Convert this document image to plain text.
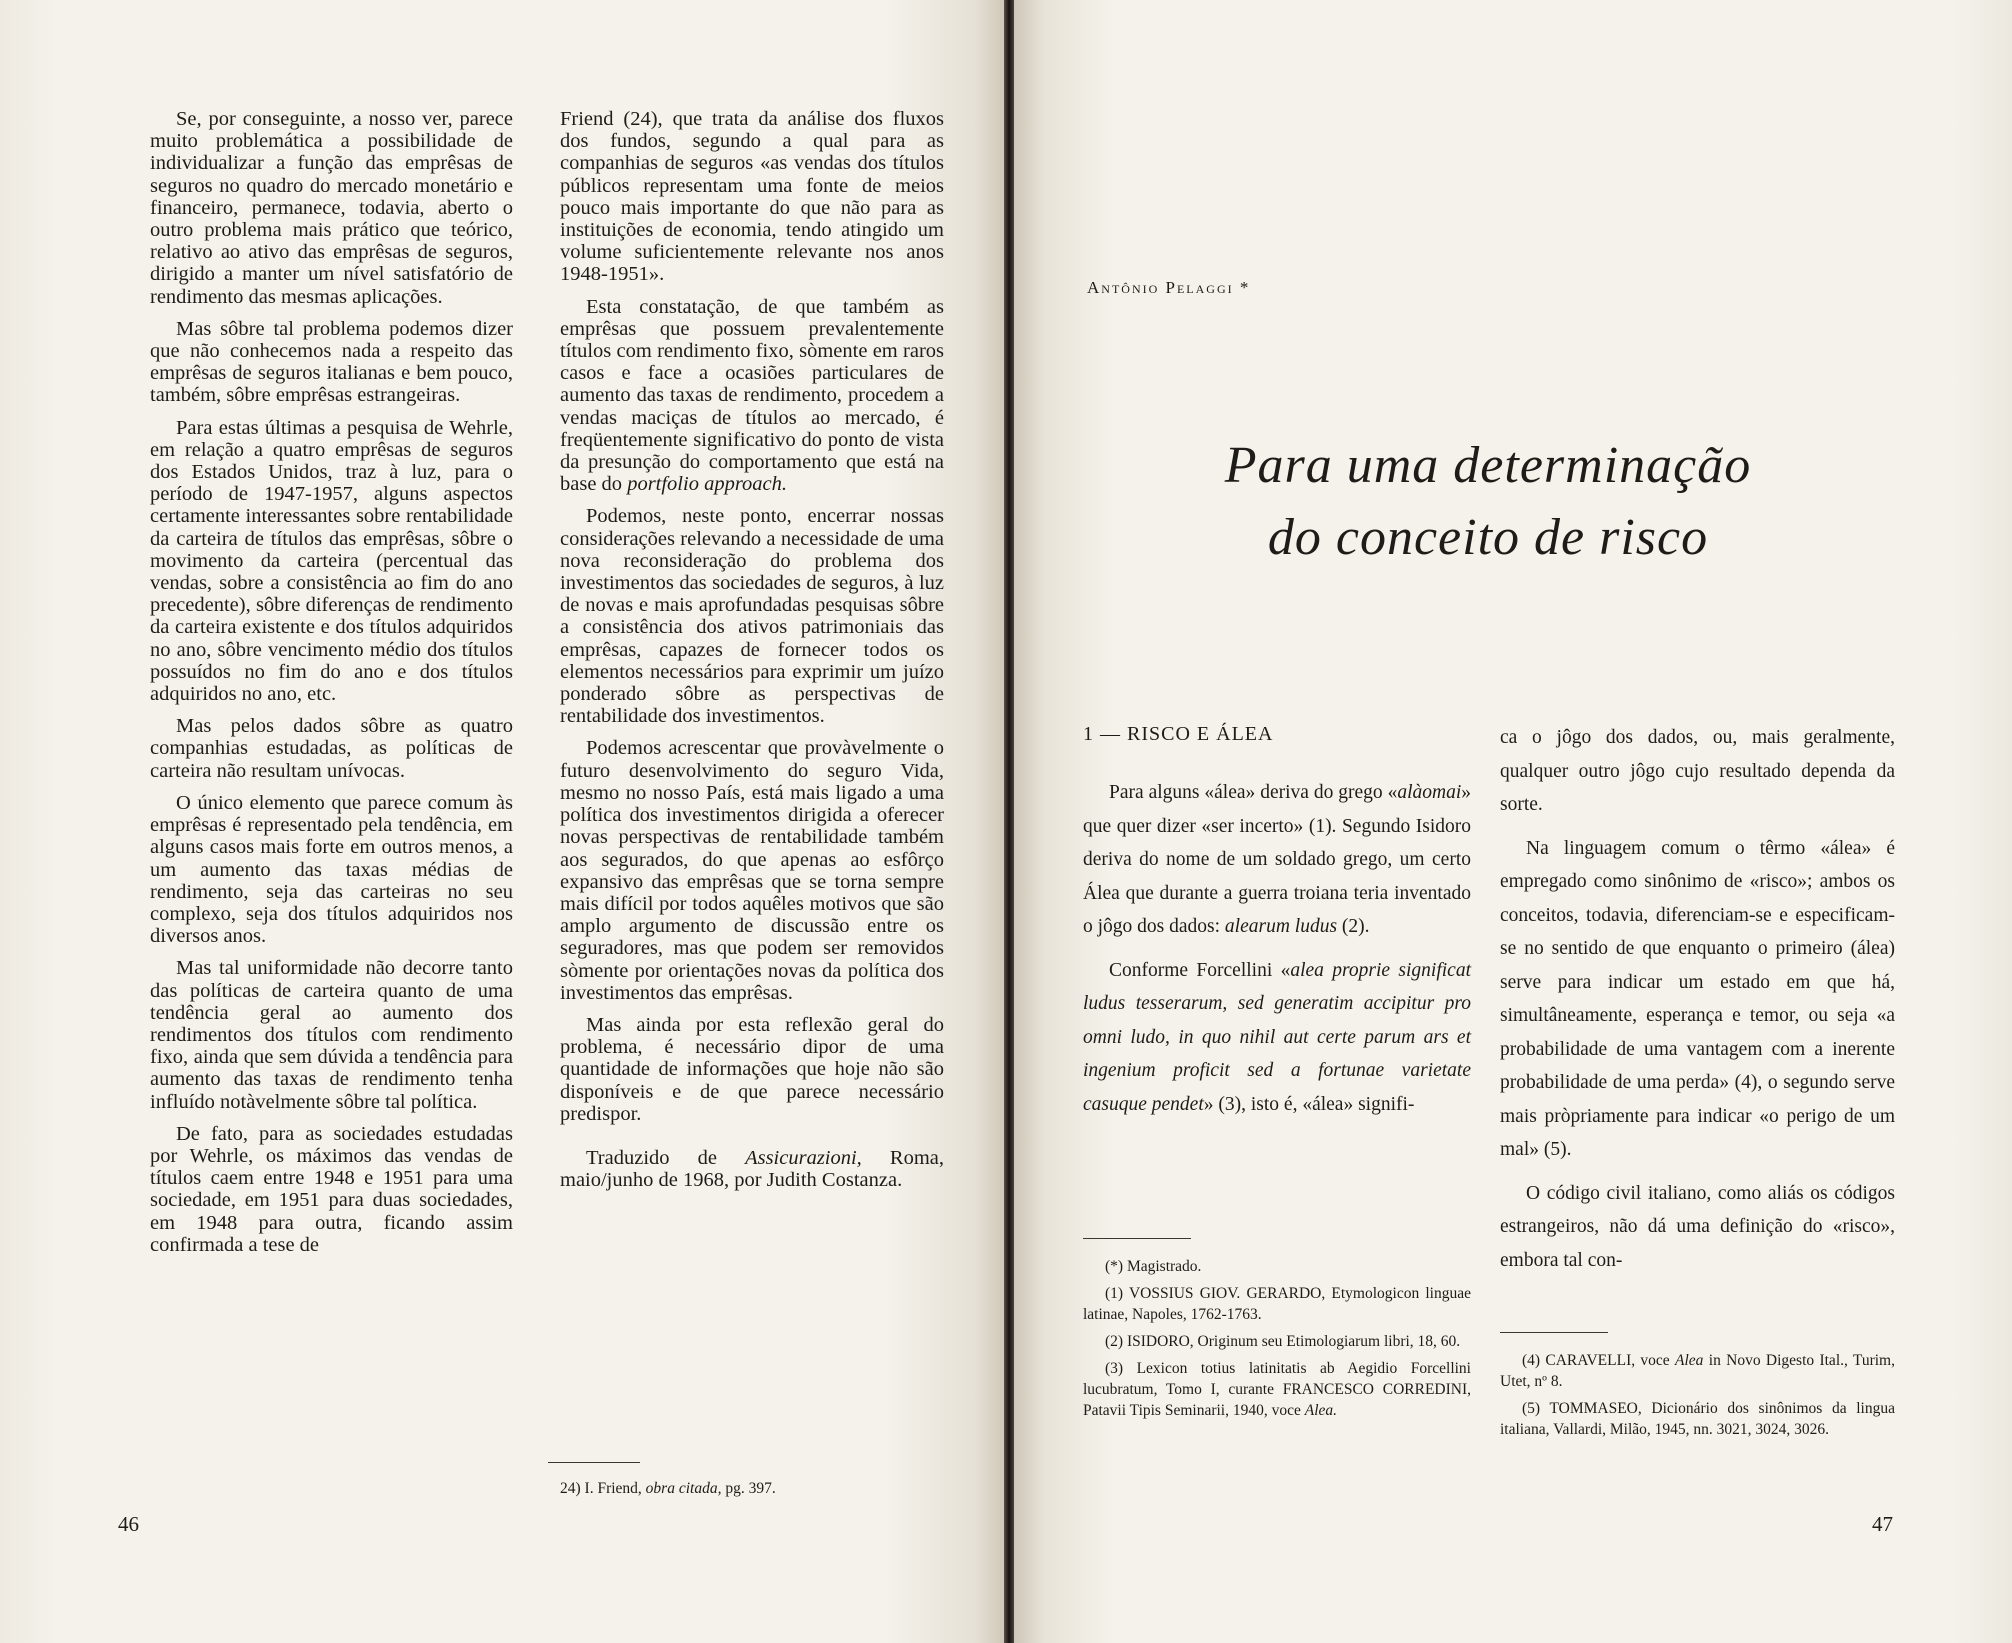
Se, por conseguinte, a nosso ver, parece muito problemática a possibilidade de individualizar a função das emprêsas de seguros no quadro do mercado monetário e financeiro, permanece, todavia, aberto o outro problema mais prático que teórico, relativo ao ativo das emprêsas de seguros, dirigido a manter um nível satisfatório de rendimento das mesmas aplicações.

Mas sôbre tal problema podemos dizer que não conhecemos nada a respeito das emprêsas de seguros italianas e bem pouco, também, sôbre emprêsas estrangeiras.

Para estas últimas a pesquisa de Wehrle, em relação a quatro emprêsas de seguros dos Estados Unidos, traz à luz, para o período de 1947-1957, alguns aspectos certamente interessantes sobre rentabilidade da carteira de títulos das emprêsas, sôbre o movimento da carteira (percentual das vendas, sobre a consistência ao fim do ano precedente), sôbre diferenças de rendimento da carteira existente e dos títulos adquiridos no ano, sôbre vencimento médio dos títulos possuídos no fim do ano e dos títulos adquiridos no ano, etc.

Mas pelos dados sôbre as quatro companhias estudadas, as políticas de carteira não resultam unívocas.

O único elemento que parece comum às emprêsas é representado pela tendência, em alguns casos mais forte em outros menos, a um aumento das taxas médias de rendimento, seja das carteiras no seu complexo, seja dos títulos adquiridos nos diversos anos.

Mas tal uniformidade não decorre tanto das políticas de carteira quanto de uma tendência geral ao aumento dos rendimentos dos títulos com rendimento fixo, ainda que sem dúvida a tendência para aumento das taxas de rendimento tenha influído notàvelmente sôbre tal política.

De fato, para as sociedades estudadas por Wehrle, os máximos das vendas de títulos caem entre 1948 e 1951 para uma sociedade, em 1951 para duas sociedades, em 1948 para outra, ficando assim confirmada a tese de

Friend (24), que trata da análise dos fluxos dos fundos, segundo a qual para as companhias de seguros «as vendas dos títulos públicos representam uma fonte de meios pouco mais importante do que não para as instituições de economia, tendo atingido um volume suficientemente relevante nos anos 1948-1951».

Esta constatação, de que também as emprêsas que possuem prevalentemente títulos com rendimento fixo, sòmente em raros casos e face a ocasiões particulares de aumento das taxas de rendimento, procedem a vendas maciças de títulos ao mercado, é freqüentemente significativo do ponto de vista da presunção do comportamento que está na base do portfolio approach.

Podemos, neste ponto, encerrar nossas considerações relevando a necessidade de uma nova reconsideração do problema dos investimentos das sociedades de seguros, à luz de novas e mais aprofundadas pesquisas sôbre a consistência dos ativos patrimoniais das emprêsas, capazes de fornecer todos os elementos necessários para exprimir um juízo ponderado sôbre as perspectivas de rentabilidade dos investimentos.

Podemos acrescentar que provàvelmente o futuro desenvolvimento do seguro Vida, mesmo no nosso País, está mais ligado a uma política dos investimentos dirigida a oferecer novas perspectivas de rentabilidade também aos segurados, do que apenas ao esfôrço expansivo das emprêsas que se torna sempre mais difícil por todos aquêles motivos que são amplo argumento de discussão entre os seguradores, mas que podem ser removidos sòmente por orientações novas da política dos investimentos das emprêsas.

Mas ainda por esta reflexão geral do problema, é necessário dipor de uma quantidade de informações que hoje não são disponíveis e de que parece necessário predispor.

Traduzido de Assicurazioni, Roma, maio/junho de 1968, por Judith Costanza.

24) I. Friend, obra citada, pg. 397.
46	47
Antônio Pelaggi *
Para uma determinação
do conceito de risco
1 — RISCO E ÁLEA

Para alguns «álea» deriva do grego «alàomai» que quer dizer «ser incerto» (1). Segundo Isidoro deriva do nome de um soldado grego, um certo Álea que durante a guerra troiana teria inventado o jôgo dos dados: alearum ludus (2).

Conforme Forcellini «alea proprie significat ludus tesserarum, sed generatim accipitur pro omni ludo, in quo nihil aut certe parum ars et ingenium proficit sed a fortunae varietate casuque pendet» (3), isto é, «álea» signifi-

(*) Magistrado.

(1) VOSSIUS GIOV. GERARDO, Etymologicon linguae latinae, Napoles, 1762-1763.

(2) ISIDORO, Originum seu Etimologiarum libri, 18, 60.

(3) Lexicon totius latinitatis ab Aegidio Forcellini lucubratum, Tomo I, curante FRANCESCO CORREDINI, Patavii Tipis Seminarii, 1940, voce Alea.

ca o jôgo dos dados, ou, mais geralmente, qualquer outro jôgo cujo resultado dependa da sorte.

Na linguagem comum o têrmo «álea» é empregado como sinônimo de «risco»; ambos os conceitos, todavia, diferenciam-se e especificam-se no sentido de que enquanto o primeiro (álea) serve para indicar um estado em que há, simultâneamente, esperança e temor, ou seja «a probabilidade de uma vantagem com a inerente probabilidade de uma perda» (4), o segundo serve mais pròpriamente para indicar «o perigo de um mal» (5).

O código civil italiano, como aliás os códigos estrangeiros, não dá uma definição do «risco», embora tal con-

(4) CARAVELLI, voce Alea in Novo Digesto Ital., Turim, Utet, nº 8.

(5) TOMMASEO, Dicionário dos sinônimos da lingua italiana, Vallardi, Milão, 1945, nn. 3021, 3024, 3026.
